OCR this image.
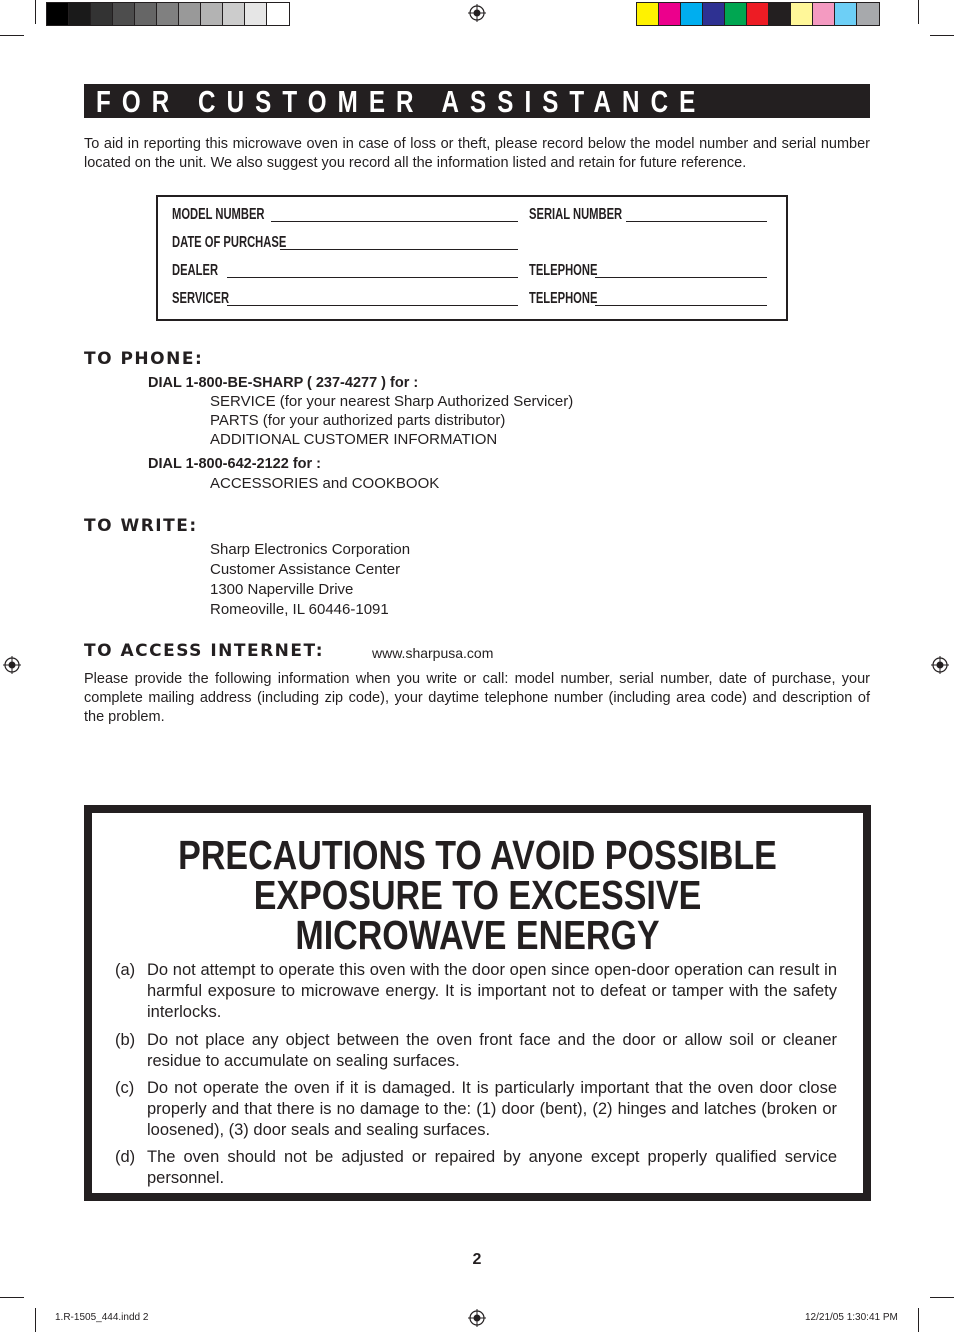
FOR CUSTOMER ASSISTANCE
To aid in reporting this microwave oven in case of loss or theft, please record below the model number and serial number located on the unit. We also suggest you record all the information listed and retain for future reference.
MODEL NUMBER	SERIAL NUMBER
DATE OF PURCHASE
DEALER	TELEPHONE
SERVICER	TELEPHONE
TO PHONE:
DIAL 1-800-BE-SHARP ( 237-4277 ) for :
SERVICE (for your nearest Sharp Authorized Servicer)
PARTS (for your authorized parts distributor)
ADDITIONAL CUSTOMER INFORMATION
DIAL 1-800-642-2122 for :
ACCESSORIES and COOKBOOK
TO WRITE:
Sharp Electronics Corporation
Customer Assistance Center
1300 Naperville Drive
Romeoville, IL 60446-1091
TO ACCESS INTERNET:	www.sharpusa.com
Please provide the following information when you write or call: model number, serial number, date of purchase, your complete mailing address (including zip code), your daytime telephone number (including area code) and description of the problem.
PRECAUTIONS TO AVOID POSSIBLE
EXPOSURE TO EXCESSIVE
MICROWAVE ENERGY
(a) Do not attempt to operate this oven with the door open since open-door operation can result in harmful exposure to microwave energy. It is important not to defeat or tamper with the safety interlocks.
(b) Do not place any object between the oven front face and the door or allow soil or cleaner residue to accumulate on sealing surfaces.
(c) Do not operate the oven if it is damaged. It is particularly important that the oven door close properly and that there is no damage to the: (1) door (bent), (2) hinges and latches (broken or loosened), (3) door seals and sealing surfaces.
(d) The oven should not be adjusted or repaired by anyone except properly qualified service personnel.
2
1.R-1505_444.indd 2	12/21/05 1:30:41 PM
